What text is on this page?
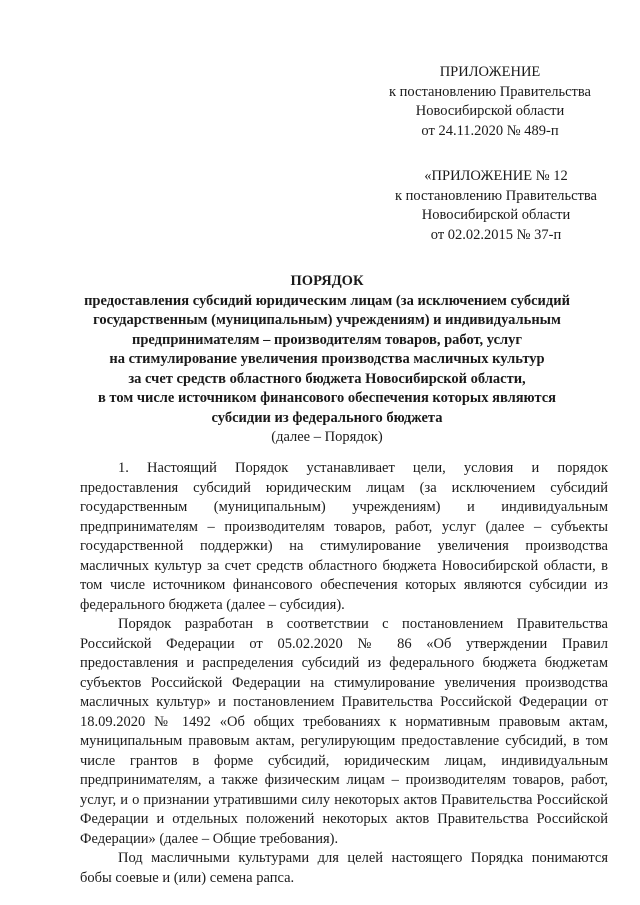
ПРИЛОЖЕНИЕ
к постановлению Правительства
Новосибирской области
от 24.11.2020 № 489-п
«ПРИЛОЖЕНИЕ № 12
к постановлению Правительства
Новосибирской области
от 02.02.2015 № 37-п
ПОРЯДОК
предоставления субсидий юридическим лицам (за исключением субсидий
государственным (муниципальным) учреждениям) и индивидуальным
предпринимателям – производителям товаров, работ, услуг
на стимулирование увеличения производства масличных культур
за счет средств областного бюджета Новосибирской области,
в том числе источником финансового обеспечения которых являются
субсидии из федерального бюджета
(далее – Порядок)

1. Настоящий Порядок устанавливает цели, условия и порядок предоставления субсидий юридическим лицам (за исключением субсидий государственным (муниципальным) учреждениям) и индивидуальным предпринимателям – производителям товаров, работ, услуг (далее – субъекты государственной поддержки) на стимулирование увеличения производства масличных культур за счет средств областного бюджета Новосибирской области, в том числе источником финансового обеспечения которых являются субсидии из федерального бюджета (далее – субсидия).

Порядок разработан в соответствии с постановлением Правительства Российской Федерации от 05.02.2020 № 86 «Об утверждении Правил предоставления и распределения субсидий из федерального бюджета бюджетам субъектов Российской Федерации на стимулирование увеличения производства масличных культур» и постановлением Правительства Российской Федерации от 18.09.2020 № 1492 «Об общих требованиях к нормативным правовым актам, муниципальным правовым актам, регулирующим предоставление субсидий, в том числе грантов в форме субсидий, юридическим лицам, индивидуальным предпринимателям, а также физическим лицам – производителям товаров, работ, услуг, и о признании утратившими силу некоторых актов Правительства Российской Федерации и отдельных положений некоторых актов Правительства Российской Федерации» (далее – Общие требования).

Под масличными культурами для целей настоящего Порядка понимаются бобы соевые и (или) семена рапса.
